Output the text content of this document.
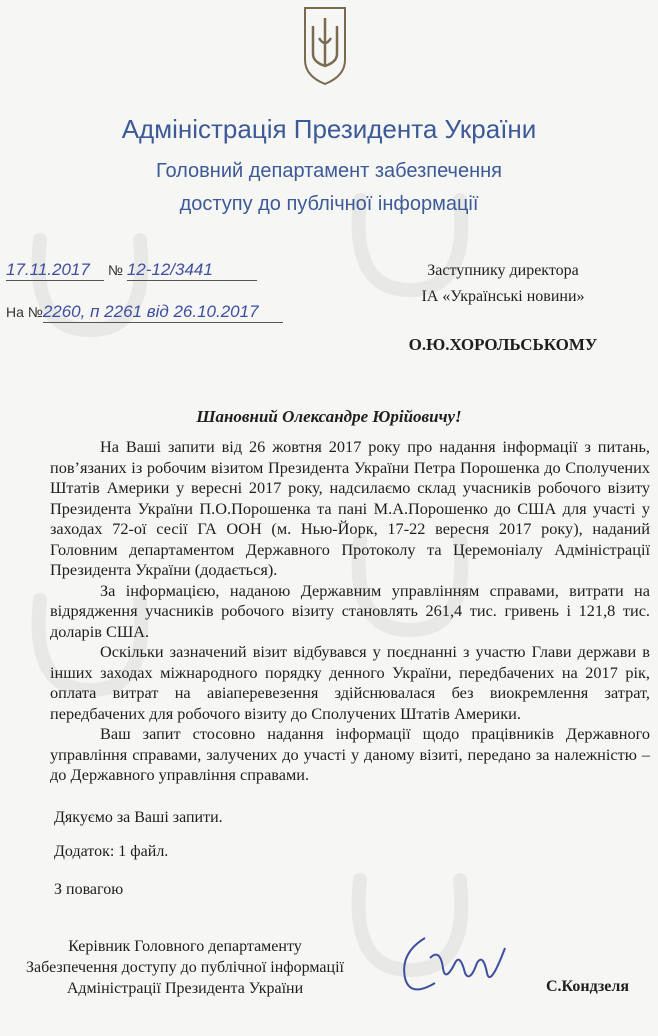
Адміністрація Президента України
Головний департамент забезпечення
доступу до публічної інформації
17.11.2017 № 12-12/3441
На №2260, п 2261 від 26.10.2017
Заступнику директора
ІА «Українські новини»
О.Ю.ХОРОЛЬСЬКОМУ
Шановний Олександре Юрійовичу!

На Ваші запити від 26 жовтня 2017 року про надання інформації з питань, пов’язаних із робочим візитом Президента України Петра Порошенка до Сполучених Штатів Америки у вересні 2017 року, надсилаємо склад учасників робочого візиту Президента України П.О.Порошенка та пані М.А.Порошенко до США для участі у заходах 72-ої сесії ГА ООН (м. Нью-Йорк, 17-22 вересня 2017 року), наданий Головним департаментом Державного Протоколу та Церемоніалу Адміністрації Президента України (додається).

За інформацією, наданою Державним управлінням справами, витрати на відрядження учасників робочого візиту становлять 261,4 тис. гривень і 121,8 тис. доларів США.

Оскільки зазначений візит відбувався у поєднанні з участю Глави держави в інших заходах міжнародного порядку денного України, передбачених на 2017 рік, оплата витрат на авіаперевезення здійснювалася без виокремлення затрат, передбачених для робочого візиту до Сполучених Штатів Америки.

Ваш запит стосовно надання інформації щодо працівників Державного управління справами, залучених до участі у даному візиті, передано за належністю – до Державного управління справами.

Дякуємо за Ваші запити.
Додаток: 1 файл.
З повагою
Керівник Головного департаменту
Забезпечення доступу до публічної інформації
Адміністрації Президента України	С.Кондзеля
